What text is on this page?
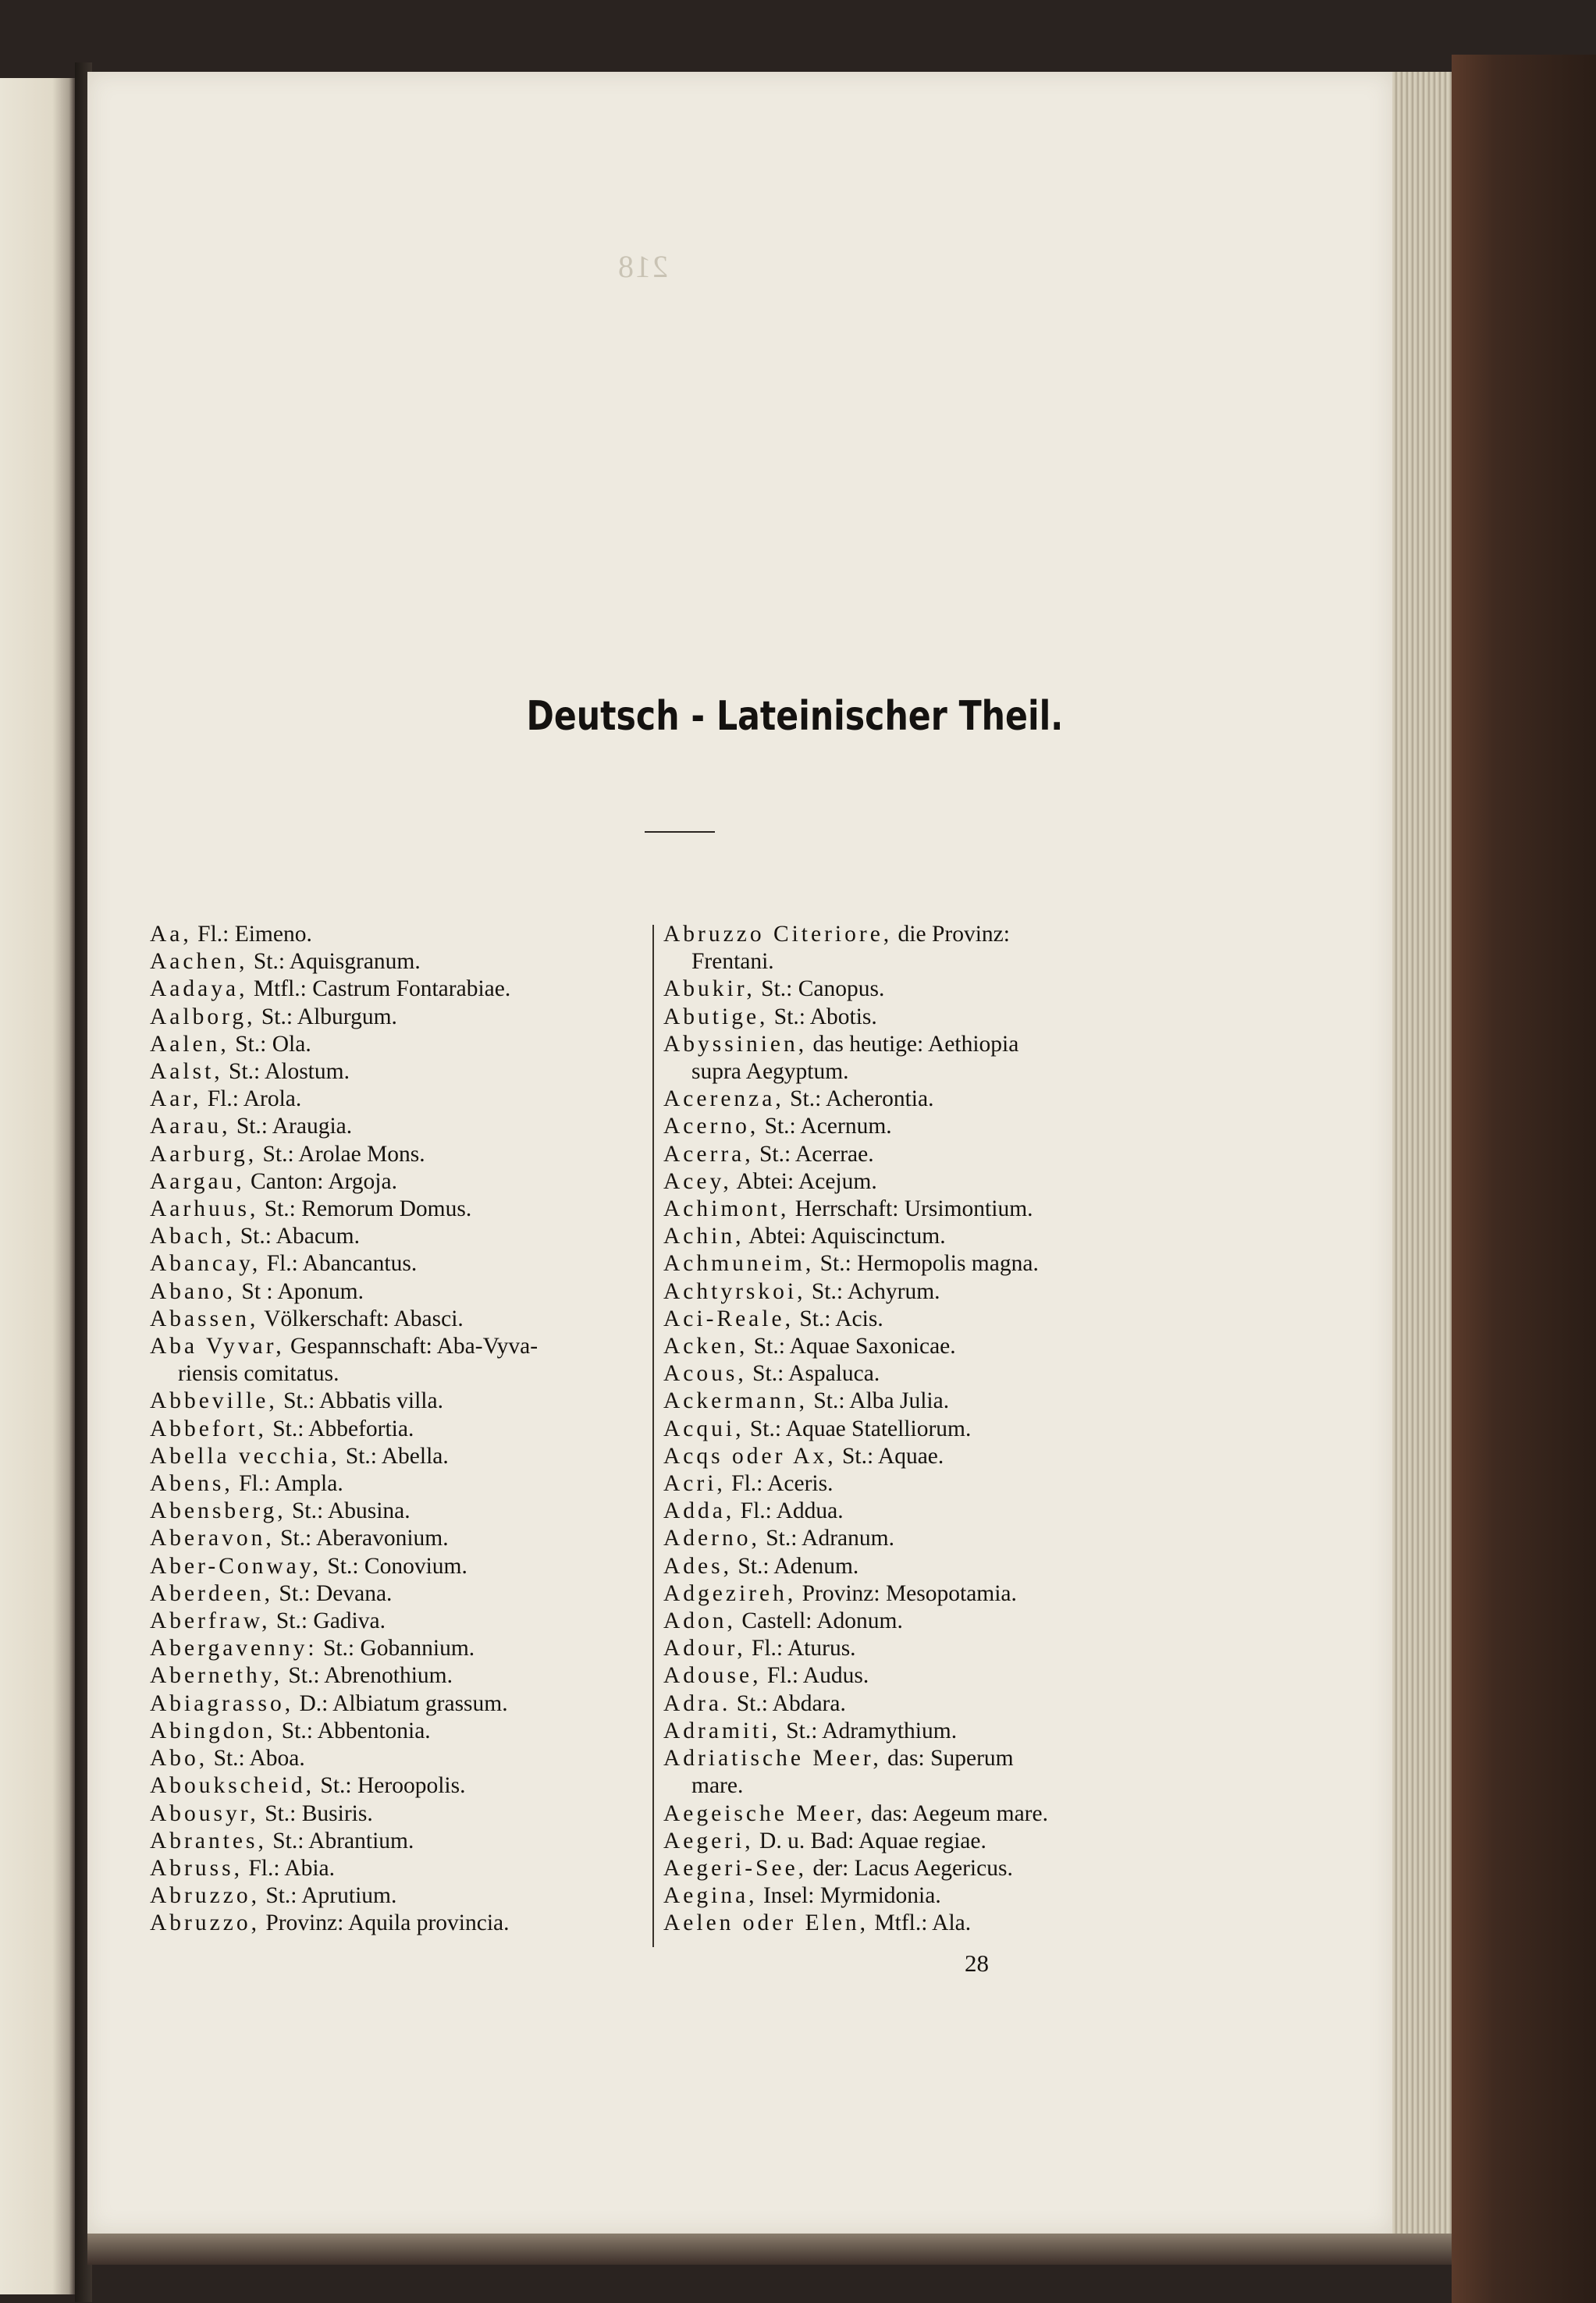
218
Deutsch - Lateinischer Theil.
Aa, Fl.: Eimeno.
Aachen, St.: Aquisgranum.
Aadaya, Mtfl.: Castrum Fontarabiae.
Aalborg, St.: Alburgum.
Aalen, St.: Ola.
Aalst, St.: Alostum.
Aar, Fl.: Arola.
Aarau, St.: Araugia.
Aarburg, St.: Arolae Mons.
Aargau, Canton: Argoja.
Aarhuus, St.: Remorum Domus.
Abach, St.: Abacum.
Abancay, Fl.: Abancantus.
Abano, St : Aponum.
Abassen, Völkerschaft: Abasci.
Aba Vyvar, Gespannschaft: Aba-Vyva-
riensis comitatus.
Abbeville, St.: Abbatis villa.
Abbefort, St.: Abbefortia.
Abella vecchia, St.: Abella.
Abens, Fl.: Ampla.
Abensberg, St.: Abusina.
Aberavon, St.: Aberavonium.
Aber-Conway, St.: Conovium.
Aberdeen, St.: Devana.
Aberfraw, St.: Gadiva.
Abergavenny: St.: Gobannium.
Abernethy, St.: Abrenothium.
Abiagrasso, D.: Albiatum grassum.
Abingdon, St.: Abbentonia.
Abo, St.: Aboa.
Aboukscheid, St.: Heroopolis.
Abousyr, St.: Busiris.
Abrantes, St.: Abrantium.
Abruss, Fl.: Abia.
Abruzzo, St.: Aprutium.
Abruzzo, Provinz: Aquila provincia.
Abruzzo Citeriore, die Provinz:
Frentani.
Abukir, St.: Canopus.
Abutige, St.: Abotis.
Abyssinien, das heutige: Aethiopia
supra Aegyptum.
Acerenza, St.: Acherontia.
Acerno, St.: Acernum.
Acerra, St.: Acerrae.
Acey, Abtei: Acejum.
Achimont, Herrschaft: Ursimontium.
Achin, Abtei: Aquiscinctum.
Achmuneim, St.: Hermopolis magna.
Achtyrskoi, St.: Achyrum.
Aci-Reale, St.: Acis.
Acken, St.: Aquae Saxonicae.
Acous, St.: Aspaluca.
Ackermann, St.: Alba Julia.
Acqui, St.: Aquae Statelliorum.
Acqs oder Ax, St.: Aquae.
Acri, Fl.: Aceris.
Adda, Fl.: Addua.
Aderno, St.: Adranum.
Ades, St.: Adenum.
Adgezireh, Provinz: Mesopotamia.
Adon, Castell: Adonum.
Adour, Fl.: Aturus.
Adouse, Fl.: Audus.
Adra. St.: Abdara.
Adramiti, St.: Adramythium.
Adriatische Meer, das: Superum
mare.
Aegeische Meer, das: Aegeum mare.
Aegeri, D. u. Bad: Aquae regiae.
Aegeri-See, der: Lacus Aegericus.
Aegina, Insel: Myrmidonia.
Aelen oder Elen, Mtfl.: Ala.
28
